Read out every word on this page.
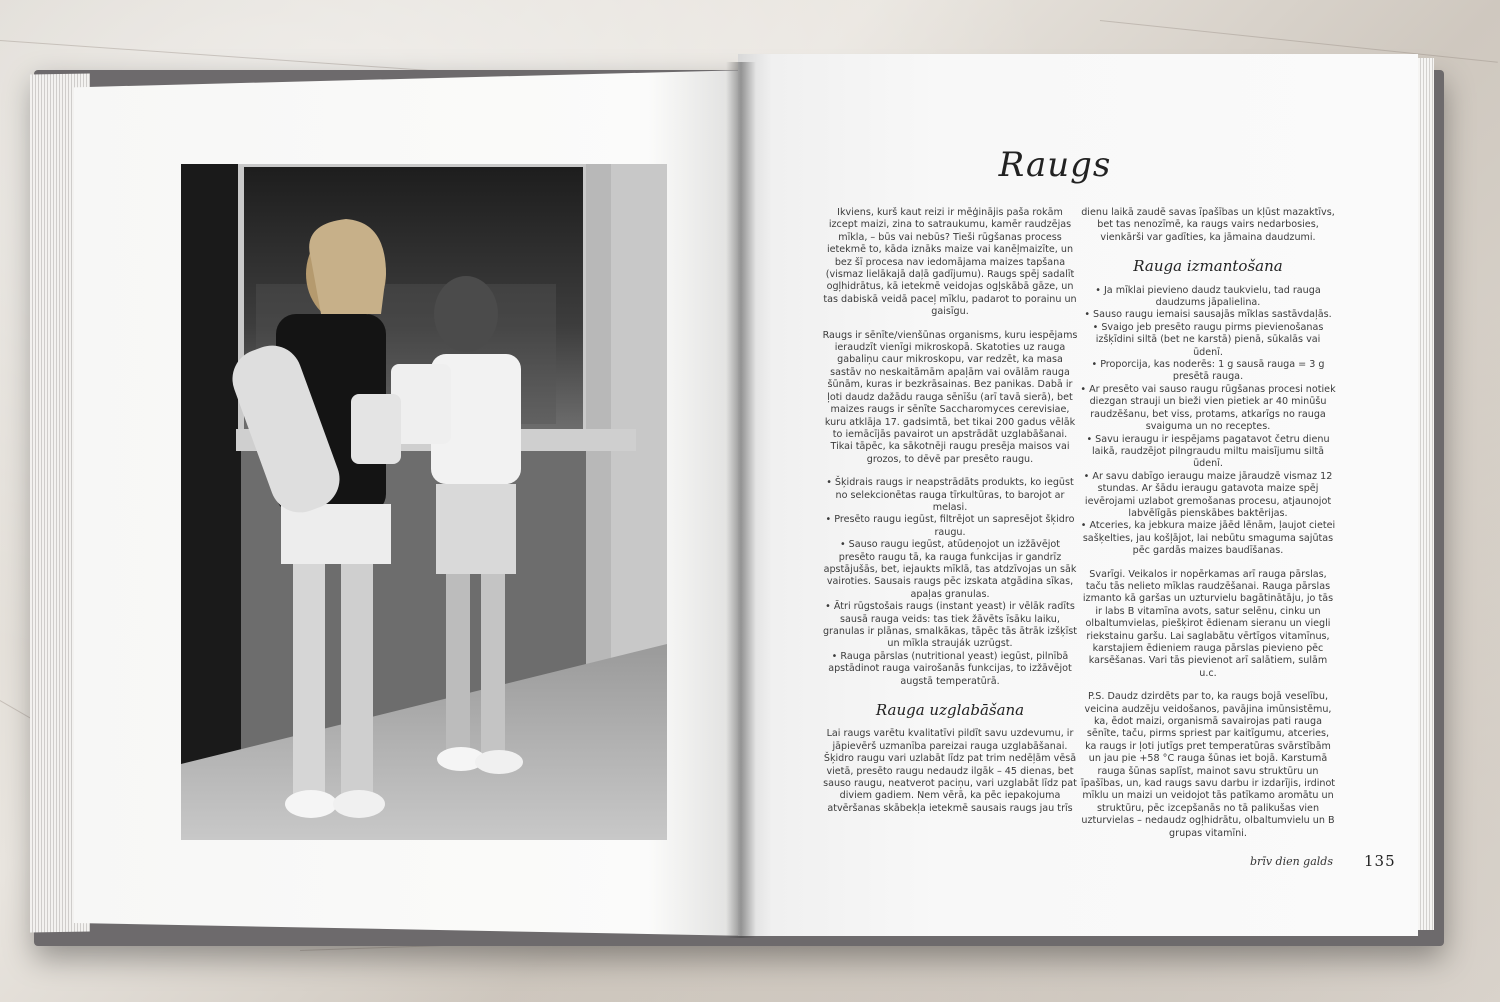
Raugs

Ikviens, kurš kaut reizi ir mēģinājis paša rokām izcept maizi, zina to satraukumu, kamēr raudzējas mīkla, – būs vai nebūs? Tieši rūgšanas process ietekmē to, kāda iznāks maize vai kanēļmaizīte, un bez šī procesa nav iedomājama maizes tapšana (vismaz lielākajā daļā gadījumu). Raugs spēj sadalīt ogļhidrātus, kā ietekmē veidojas ogļskābā gāze, un tas dabiskā veidā paceļ mīklu, padarot to porainu un gaisīgu.

Raugs ir sēnīte/vienšūnas organisms, kuru iespējams ieraudzīt vienīgi mikroskopā. Skatoties uz rauga gabaliņu caur mikroskopu, var redzēt, ka masa sastāv no neskaitāmām apaļām vai ovālām rauga šūnām, kuras ir bezkrāsainas. Bez panikas. Dabā ir ļoti daudz dažādu rauga sēnīšu (arī tavā sierā), bet maizes raugs ir sēnīte Saccharomyces cerevisiae, kuru atklāja 17. gadsimtā, bet tikai 200 gadus vēlāk to iemācījās pavairot un apstrādāt uzglabāšanai. Tikai tāpēc, ka sākotnēji raugu presēja maisos vai grozos, to dēvē par presēto raugu.

• Šķidrais raugs ir neapstrādāts produkts, ko iegūst no selekcionētas rauga tīrkultūras, to barojot ar melasi.
• Presēto raugu iegūst, filtrējot un sapresējot šķidro raugu.
• Sauso raugu iegūst, atūdeņojot un izžāvējot presēto raugu tā, ka rauga funkcijas ir gandrīz apstājušās, bet, iejaukts mīklā, tas atdzīvojas un sāk vairoties. Sausais raugs pēc izskata atgādina sīkas, apaļas granulas.
• Ātri rūgstošais raugs (instant yeast) ir vēlāk radīts sausā rauga veids: tas tiek žāvēts īsāku laiku, granulas ir plānas, smalkākas, tāpēc tās ātrāk izšķīst un mīkla strauják uzrūgst.
• Rauga pārslas (nutritional yeast) iegūst, pilnībā apstādinot rauga vairošanās funkcijas, to izžāvējot augstā temperatūrā.

Rauga uzglabāšana

Lai raugs varētu kvalitatīvi pildīt savu uzdevumu, ir jāpievērš uzmanība pareizai rauga uzglabāšanai. Šķidro raugu vari uzlabāt līdz pat trim nedēļām vēsā vietā, presēto raugu nedaudz ilgāk – 45 dienas, bet sauso raugu, neatverot paciņu, vari uzglabāt līdz pat diviem gadiem. Nem vērā, ka pēc iepakojuma atvēršanas skābekļa ietekmē sausais raugs jau trīs

dienu laikā zaudē savas īpašības un kļūst mazaktīvs, bet tas nenozīmē, ka raugs vairs nedarbosies, vienkārši var gadīties, ka jāmaina daudzumi.

Rauga izmantošana

• Ja mīklai pievieno daudz taukvielu, tad rauga daudzums jāpalielina.
• Sauso raugu iemaisi sausajās mīklas sastāvdaļās.
• Svaigo jeb presēto raugu pirms pievienošanas izšķīdini siltā (bet ne karstā) pienā, sūkalās vai ūdenī.
• Proporcija, kas noderēs: 1 g sausā rauga = 3 g presētā rauga.
• Ar presēto vai sauso raugu rūgšanas procesi notiek diezgan strauji un bieži vien pietiek ar 40 minūšu raudzēšanu, bet viss, protams, atkarīgs no rauga svaiguma un no receptes.
• Savu ieraugu ir iespējams pagatavot četru dienu laikā, raudzējot pilngraudu miltu maisījumu siltā ūdenī.
• Ar savu dabīgo ieraugu maize jāraudzē vismaz 12 stundas. Ar šādu ieraugu gatavota maize spēj ievērojami uzlabot gremošanas procesu, atjaunojot labvēlīgās pienskābes baktērijas.
• Atceries, ka jebkura maize jāēd lēnām, ļaujot cietei sašķelties, jau košļājot, lai nebūtu smaguma sajūtas pēc gardās maizes baudīšanas.

Svarīgi. Veikalos ir nopērkamas arī rauga pārslas, taču tās nelieto mīklas raudzēšanai. Rauga pārslas izmanto kā garšas un uzturvielu bagātinātāju, jo tās ir labs B vitamīna avots, satur selēnu, cinku un olbaltumvielas, piešķirot ēdienam sieranu un viegli riekstainu garšu. Lai saglabātu vērtīgos vitamīnus, karstajiem ēdieniem rauga pārslas pievieno pēc karsēšanas. Vari tās pievienot arī salātiem, sulām u.c.

P.S. Daudz dzirdēts par to, ka raugs bojā veselību, veicina audzēju veidošanos, pavājina imūnsistēmu, ka, ēdot maizi, organismā savairojas pati rauga sēnīte, taču, pirms spriest par kaitīgumu, atceries, ka raugs ir ļoti jutīgs pret temperatūras svārstībām un jau pie +58 °C rauga šūnas iet bojā. Karstumā rauga šūnas saplīst, mainot savu struktūru un īpašības, un, kad raugs savu darbu ir izdarījis, irdinot mīklu un maizi un veidojot tās patīkamo aromātu un struktūru, pēc izcepšanās no tā palikušas vien uzturvielas – nedaudz ogļhidrātu, olbaltumvielu un B grupas vitamīni.

brīv dien galds 135
